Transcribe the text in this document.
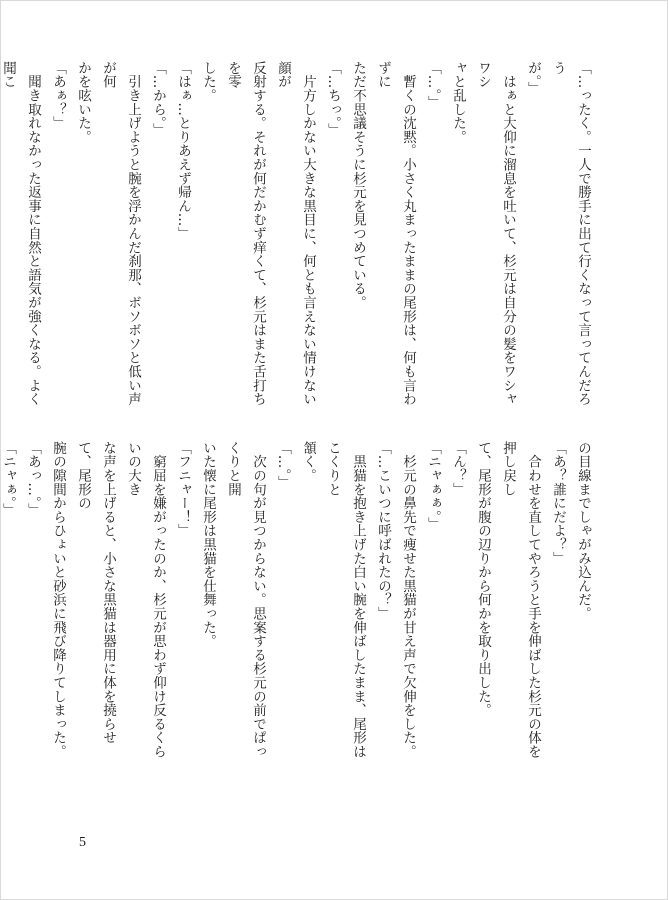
「…ったく。一人で勝手に出て行くなって言ってんだろう

が。」

　はぁと大仰に溜息を吐いて、杉元は自分の髪をワシャワシ

ャと乱した。

「…。」

　暫くの沈黙。小さく丸まったままの尾形は、何も言わずに

ただ不思議そうに杉元を見つめている。

「…ちっ。」

　片方しかない大きな黒目に、何とも言えない情けない顔が

反射する。それが何だかむず痒くて、杉元はまた舌打ちを零

した。

「はぁ…とりあえず帰ん…」

「…から。」

　引き上げようと腕を浮かんだ刹那、ボソボソと低い声が何

かを呟いた。

「あぁ？」

　聞き取れなかった返事に自然と語気が強くなる。よく聞こ

の目線までしゃがみ込んだ。

「あ？誰にだよ？」

　合わせを直してやろうと手を伸ばした杉元の体を押し戻し

て、尾形が腹の辺りから何かを取り出した。

「ん？」

「ニャぁぁ。」

　杉元の鼻先で痩せた黒猫が甘え声で欠伸をした。

「…こいつに呼ばれたの？」

　黒猫を抱き上げた白い腕を伸ばしたまま、尾形はこくりと

頷く。

「…。」

　次の句が見つからない。思案する杉元の前でぱっくりと開

いた懐に尾形は黒猫を仕舞った。

「フニャー！」

　窮屈を嫌がったのか、杉元が思わず仰け反るくらいの大き

な声を上げると、小さな黒猫は器用に体を撓らせて、尾形の

腕の隙間からひょいと砂浜に飛び降りてしまった。

「あっ…。」

「ニャぁ。」

5
